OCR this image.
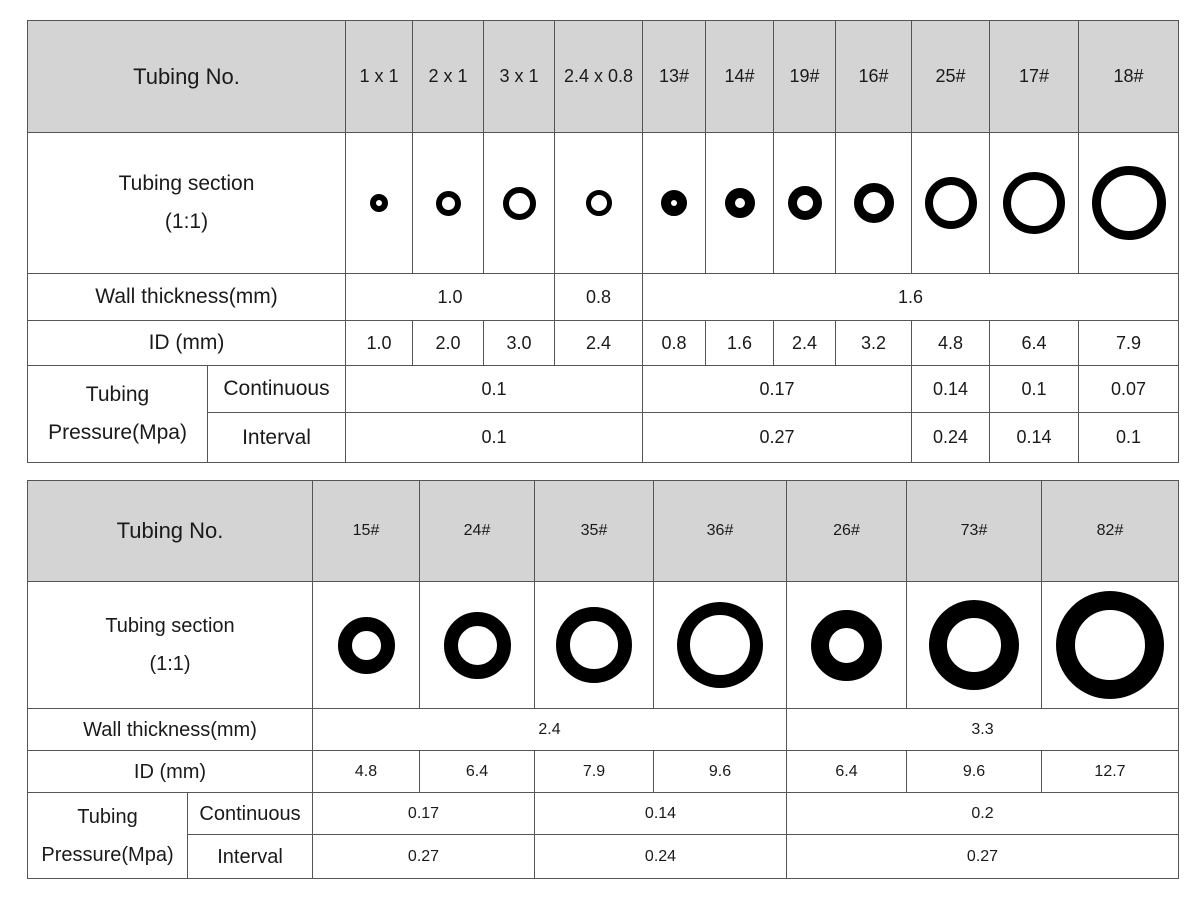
Tubing No.		1 x 1	2 x 1	3 x 1	2.4 x 0.8	13#	14#	19#	16#	25#	17#	18#

Tubing section
(1:1)												

Wall thickness(mm)		1.0			0.8	1.6						
ID (mm)		1.0	2.0	3.0	2.4	0.8	1.6	2.4	3.2	4.8	6.4	7.9

Tubing
Pressure(Mpa)	Continuous	0.1				0.17				0.14	0.1	0.07
	Interval	0.1				0.27				0.24	0.14	0.1
Tubing No.		15#	24#	35#	36#	26#	73#	82#

Tubing section
(1:1)								

Wall thickness(mm)		2.4				3.3		
ID (mm)		4.8	6.4	7.9	9.6	6.4	9.6	12.7

Tubing
Pressure(Mpa)	Continuous	0.17		0.14		0.2		
	Interval	0.27		0.24		0.27		
